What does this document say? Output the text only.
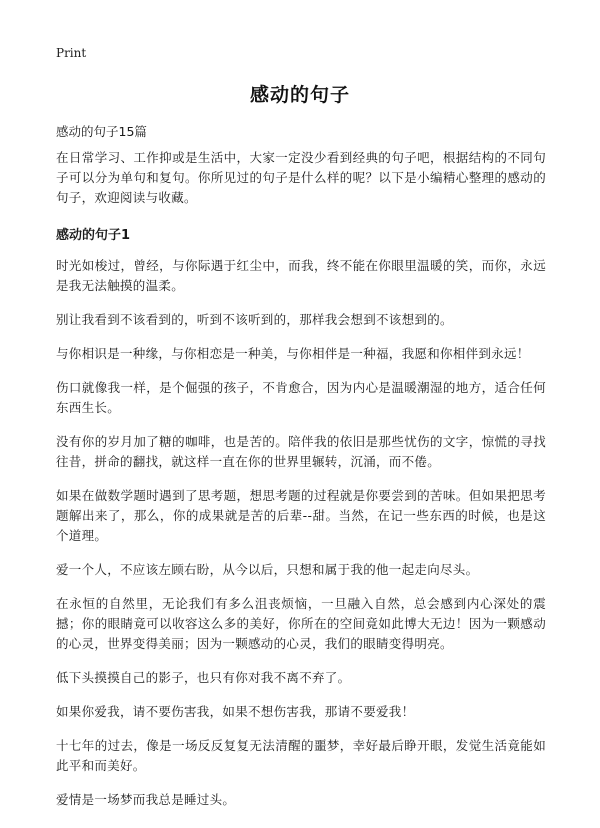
Print
感动的句子
感动的句子15篇

在日常学习、工作抑或是生活中，大家一定没少看到经典的句子吧，根据结构的不同句子可以分为单句和复句。你所见过的句子是什么样的呢？以下是小编精心整理的感动的句子，欢迎阅读与收藏。

感动的句子1

时光如梭过，曾经，与你际遇于红尘中，而我，终不能在你眼里温暖的笑，而你，永远是我无法触摸的温柔。

别让我看到不该看到的，听到不该听到的，那样我会想到不该想到的。

与你相识是一种缘，与你相恋是一种美，与你相伴是一种福，我愿和你相伴到永远！

伤口就像我一样，是个倔强的孩子，不肯愈合，因为内心是温暖潮湿的地方，适合任何东西生长。

没有你的岁月加了糖的咖啡，也是苦的。陪伴我的依旧是那些忧伤的文字，惊慌的寻找往昔，拼命的翻找，就这样一直在你的世界里辗转，沉涌，而不倦。

如果在做数学题时遇到了思考题，想思考题的过程就是你要尝到的苦味。但如果把思考题解出来了，那么，你的成果就是苦的后辈--甜。当然，在记一些东西的时候，也是这个道理。

爱一个人，不应该左顾右盼，从今以后，只想和属于我的他一起走向尽头。

在永恒的自然里，无论我们有多么沮丧烦恼，一旦融入自然，总会感到内心深处的震撼；你的眼睛竟可以收容这么多的美好，你所在的空间竟如此博大无边！因为一颗感动的心灵，世界变得美丽；因为一颗感动的心灵，我们的眼睛变得明亮。

低下头摸摸自己的影子，也只有你对我不离不弃了。

如果你爱我，请不要伤害我，如果不想伤害我，那请不要爱我！

十七年的过去，像是一场反反复复无法清醒的噩梦，幸好最后睁开眼，发觉生活竟能如此平和而美好。

爱情是一场梦而我总是睡过头。
